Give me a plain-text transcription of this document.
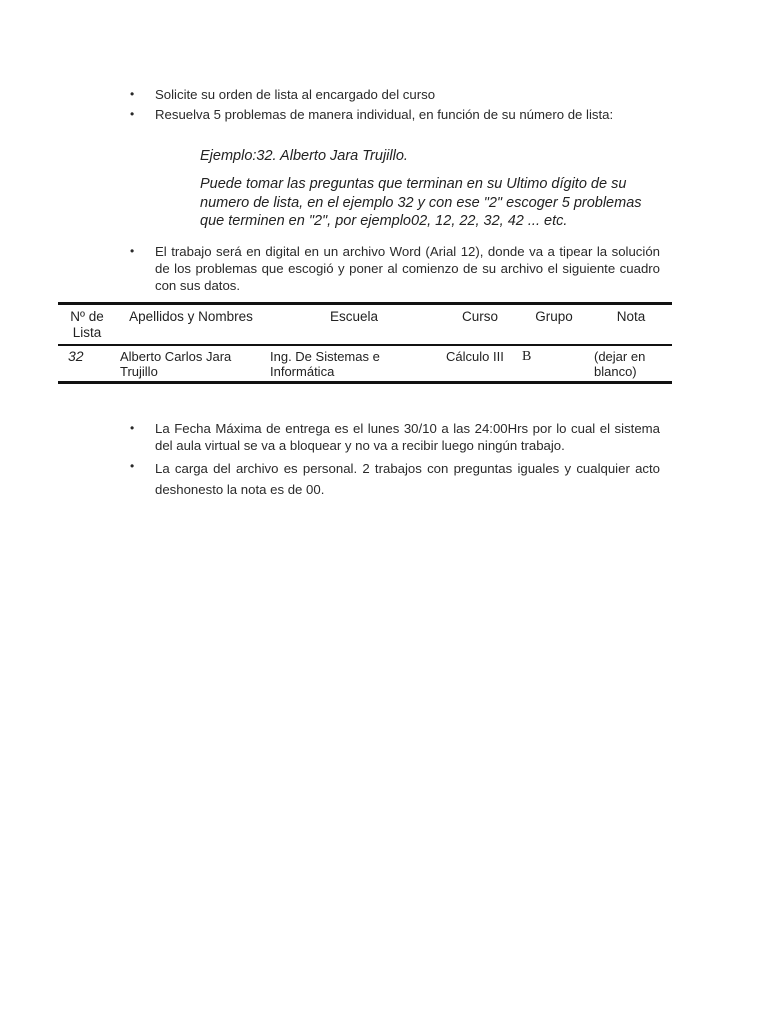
• Solicite su orden de lista al encargado del curso
• Resuelva 5 problemas de manera individual, en función de su número de lista:
Ejemplo:32. Alberto Jara Trujillo.
Puede tomar las preguntas que terminan en su Ultimo dígito de su numero de lista, en el ejemplo 32 y con ese "2" escoger 5 problemas que terminen en "2", por ejemplo02, 12, 22, 32, 42 ... etc.
• El trabajo será en digital en un archivo Word (Arial 12), donde va a tipear la solución de los problemas que escogió y poner al comienzo de su archivo el siguiente cuadro con sus datos.
Nº de Lista	Apellidos y Nombres	Escuela	Curso	Grupo	Nota
32	Alberto Carlos Jara Trujillo	Ing. De Sistemas e Informática	Cálculo III	B	(dejar en blanco)
• La Fecha Máxima de entrega es el lunes 30/10 a las 24:00Hrs por lo cual el sistema del aula virtual se va a bloquear y no va a recibir luego ningún trabajo.
• La carga del archivo es personal. 2 trabajos con preguntas iguales y cualquier acto deshonesto la nota es de 00.
